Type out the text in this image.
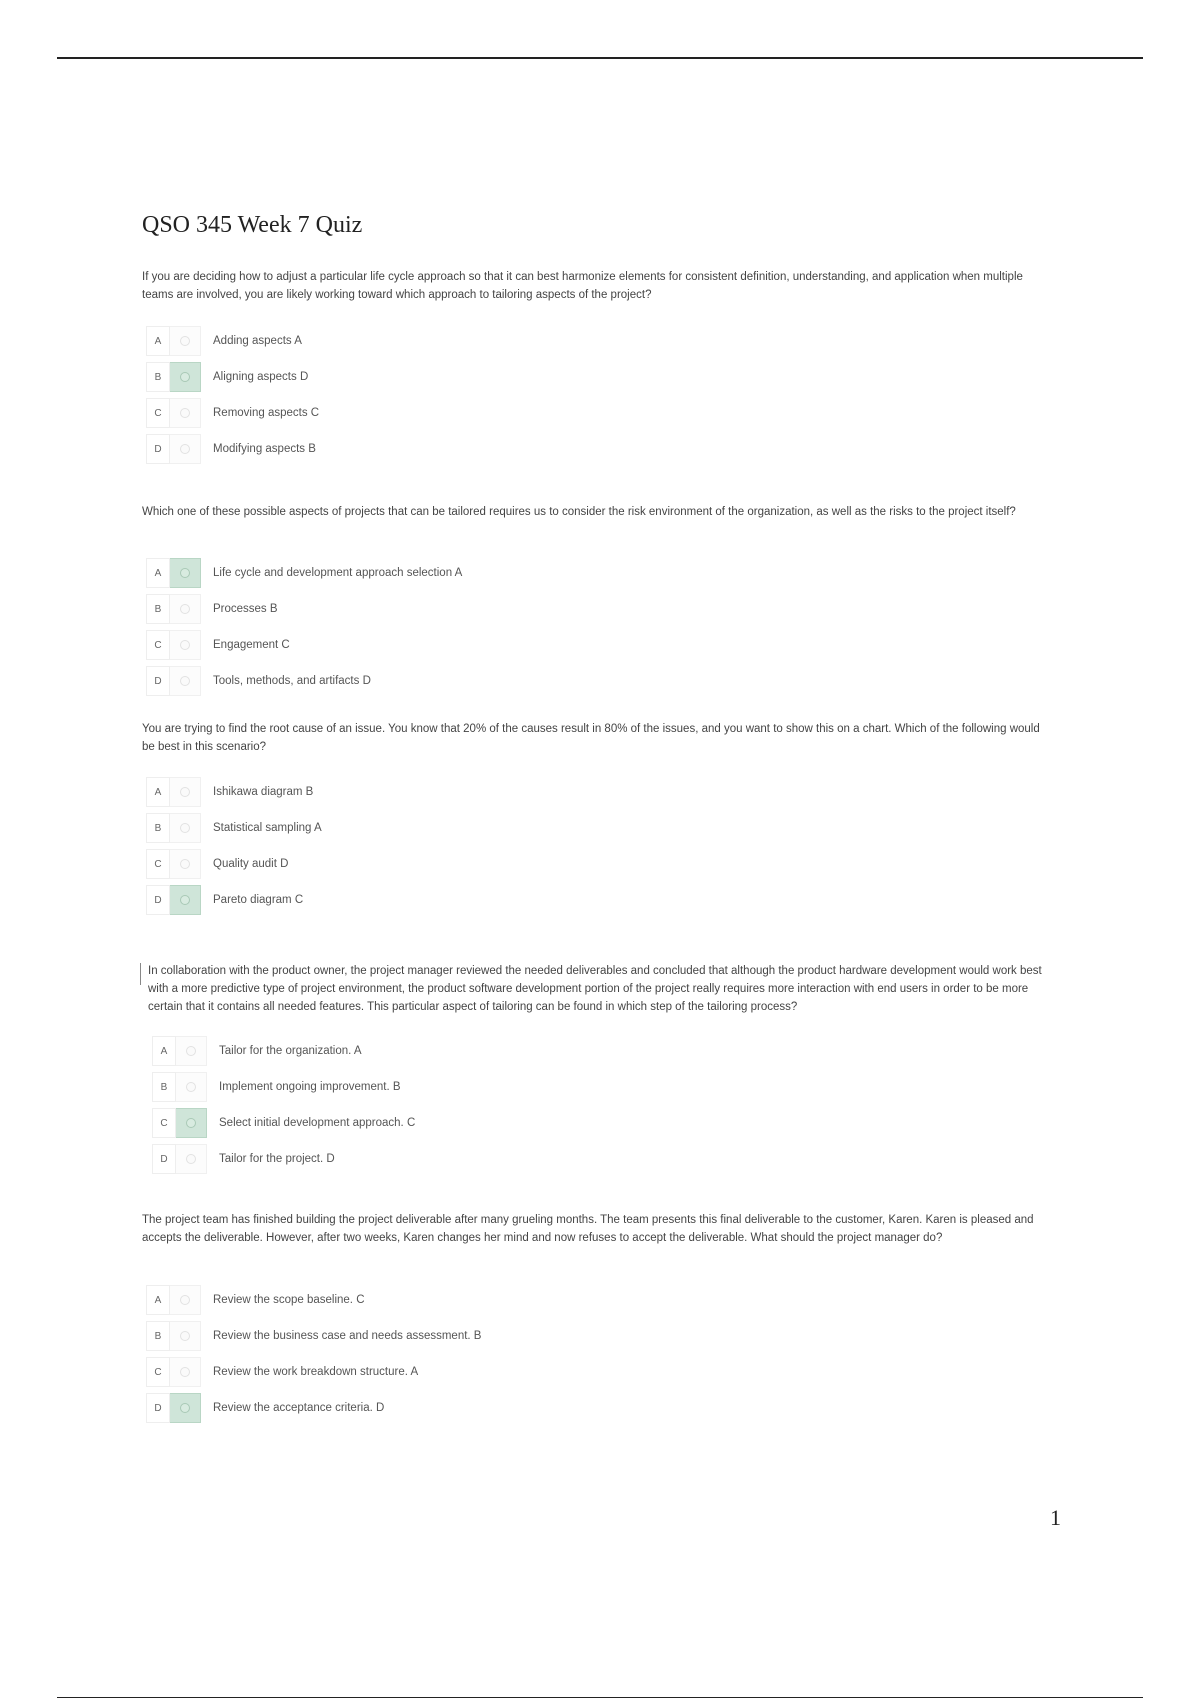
QSO 345 Week 7 Quiz

If you are deciding how to adjust a particular life cycle approach so that it can best harmonize elements for consistent definition, understanding, and application when multiple teams are involved, you are likely working toward which approach to tailoring aspects of the project?

A	Adding aspects A
B	Aligning aspects D
C	Removing aspects C
D	Modifying aspects B

Which one of these possible aspects of projects that can be tailored requires us to consider the risk environment of the organization, as well as the risks to the project itself?

A	Life cycle and development approach selection A
B	Processes B
C	Engagement C
D	Tools, methods, and artifacts D

You are trying to find the root cause of an issue. You know that 20% of the causes result in 80% of the issues, and you want to show this on a chart. Which of the following would be best in this scenario?

A	Ishikawa diagram B
B	Statistical sampling A
C	Quality audit D
D	Pareto diagram C

In collaboration with the product owner, the project manager reviewed the needed deliverables and concluded that although the product hardware development would work best with a more predictive type of project environment, the product software development portion of the project really requires more interaction with end users in order to be more certain that it contains all needed features. This particular aspect of tailoring can be found in which step of the tailoring process?

A	Tailor for the organization. A
B	Implement ongoing improvement. B
C	Select initial development approach. C
D	Tailor for the project. D

The project team has finished building the project deliverable after many grueling months. The team presents this final deliverable to the customer, Karen. Karen is pleased and accepts the deliverable. However, after two weeks, Karen changes her mind and now refuses to accept the deliverable. What should the project manager do?

A	Review the scope baseline. C
B	Review the business case and needs assessment. B
C	Review the work breakdown structure. A
D	Review the acceptance criteria. D
1
